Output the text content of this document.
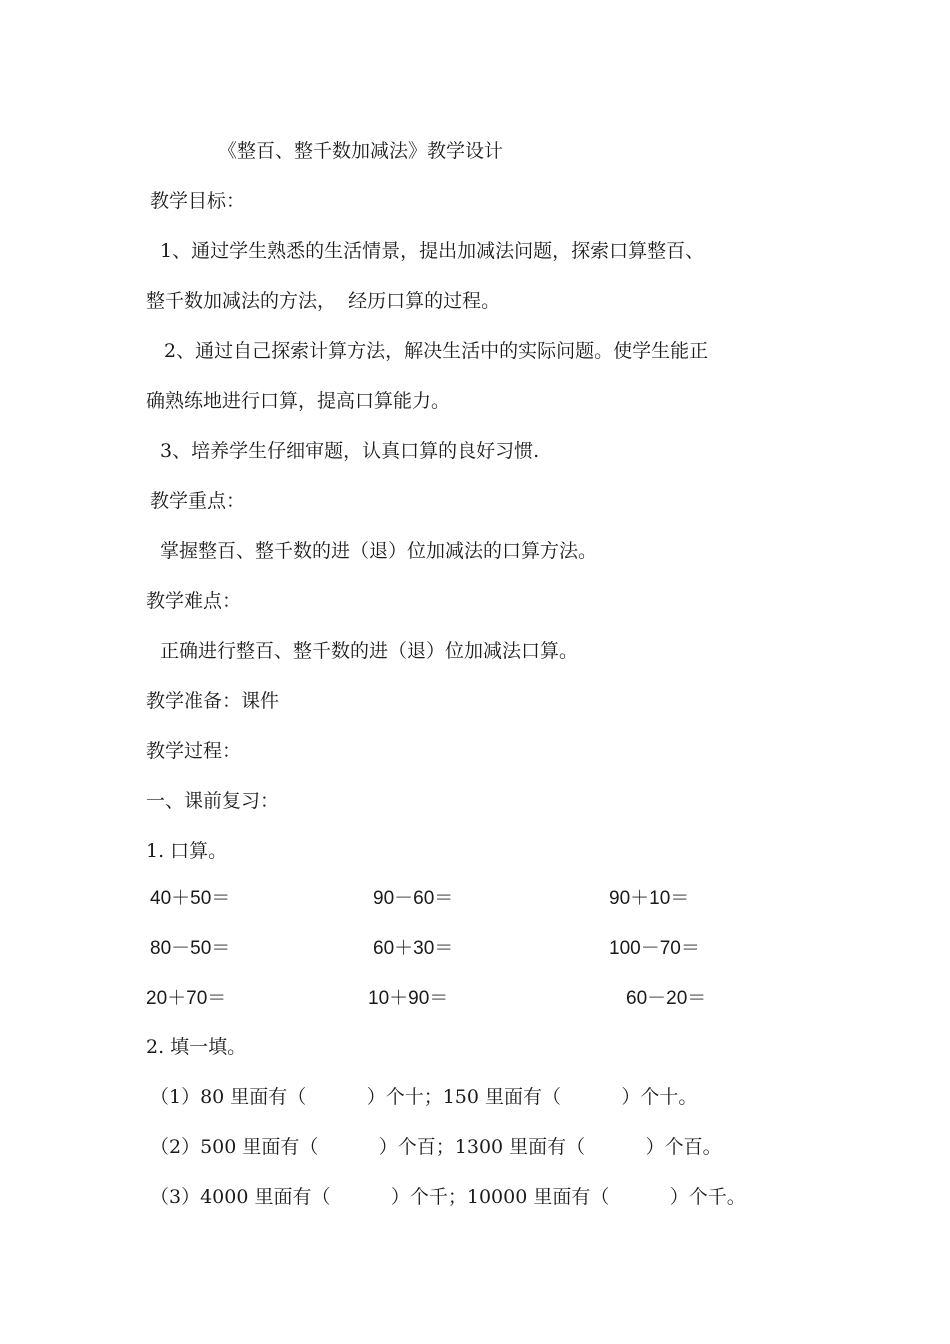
《整百、整千数加减法》教学设计
教学目标：
1、通过学生熟悉的生活情景，提出加减法问题，探索口算整百、
整千数加减法的方法，  经历口算的过程。
2、通过自己探索计算方法，解决生活中的实际问题。使学生能正
确熟练地进行口算，提高口算能力。
3、培养学生仔细审题，认真口算的良好习惯.
教学重点：
掌握整百、整千数的进（退）位加减法的口算方法。
教学难点：
正确进行整百、整千数的进（退）位加减法口算。
教学准备：课件
教学过程：
一、课前复习：
1. 口算。
40＋50＝	90－60＝	90＋10＝
80－50＝	60＋30＝	100－70＝
20＋70＝	10＋90＝	60－20＝
2. 填一填。
（1）80 里面有（          ）个十；150 里面有（          ）个十。
（2）500 里面有（          ）个百；1300 里面有（          ）个百。
（3）4000 里面有（          ）个千；10000 里面有（          ）个千。
